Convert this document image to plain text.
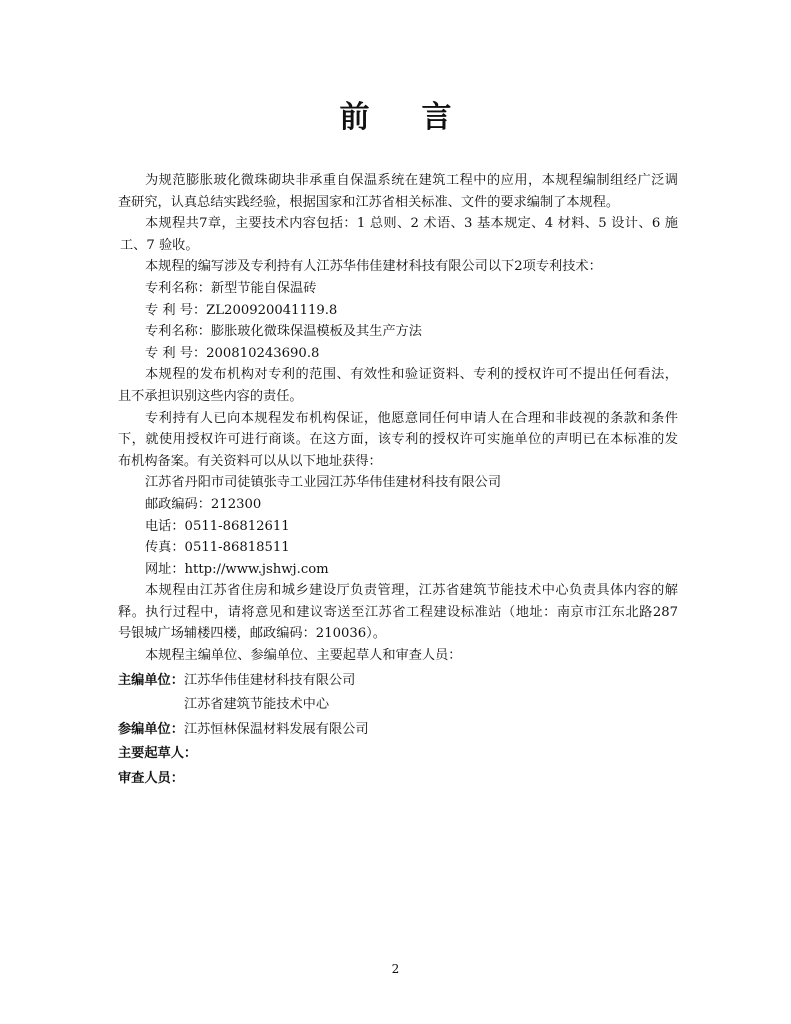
前言
为规范膨胀玻化微珠砌块非承重自保温系统在建筑工程中的应用，本规程编制组经广泛调
查研究，认真总结实践经验，根据国家和江苏省相关标准、文件的要求编制了本规程。
本规程共7章，主要技术内容包括：1 总则、2 术语、3 基本规定、4 材料、5 设计、6 施
工、7 验收。
本规程的编写涉及专利持有人江苏华伟佳建材科技有限公司以下2项专利技术：
专利名称：新型节能自保温砖
专 利 号：ZL200920041119.8
专利名称：膨胀玻化微珠保温模板及其生产方法
专 利 号：200810243690.8
本规程的发布机构对专利的范围、有效性和验证资料、专利的授权许可不提出任何看法，
且不承担识别这些内容的责任。
专利持有人已向本规程发布机构保证，他愿意同任何申请人在合理和非歧视的条款和条件
下，就使用授权许可进行商谈。在这方面，该专利的授权许可实施单位的声明已在本标准的发
布机构备案。有关资料可以从以下地址获得：
江苏省丹阳市司徒镇张寺工业园江苏华伟佳建材科技有限公司
邮政编码：212300
电话：0511-86812611
传真：0511-86818511
网址：http://www.jshwj.com
本规程由江苏省住房和城乡建设厅负责管理，江苏省建筑节能技术中心负责具体内容的解
释。执行过程中，请将意见和建议寄送至江苏省工程建设标准站（地址：南京市江东北路287
号银城广场辅楼四楼，邮政编码：210036）。
本规程主编单位、参编单位、主要起草人和审查人员：
主编单位：江苏华伟佳建材科技有限公司
江苏省建筑节能技术中心
参编单位：江苏恒林保温材料发展有限公司
主要起草人：
审查人员：
2
